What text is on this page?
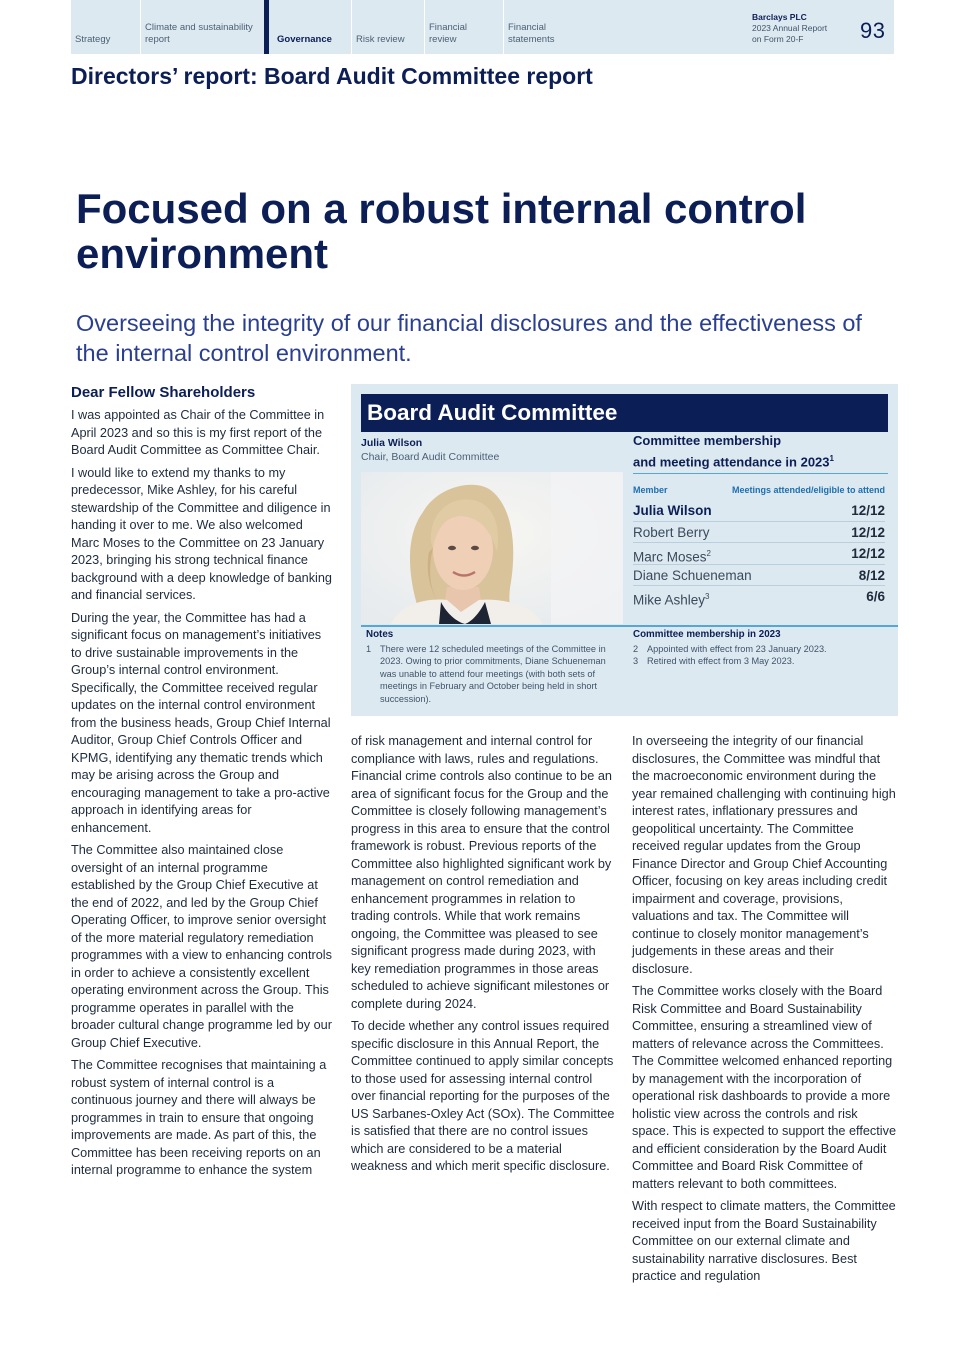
Strategy
Climate and sustainability report	Governance	Risk review
Financial review
Financial statements
Barclays PLC
2023 Annual Report
on Form 20-F	93
Directors’ report: Board Audit Committee report
Focused on a robust internal control environment

Overseeing the integrity of our financial disclosures and the effectiveness of the internal control environment.

Dear Fellow Shareholders

I was appointed as Chair of the Committee in April 2023 and so this is my first report of the Board Audit Committee as Committee Chair.

I would like to extend my thanks to my predecessor, Mike Ashley, for his careful stewardship of the Committee and diligence in handing it over to me. We also welcomed Marc Moses to the Committee on 23 January 2023, bringing his strong technical finance background with a deep knowledge of banking and financial services.

During the year, the Committee has had a significant focus on management’s initiatives to drive sustainable improvements in the Group’s internal control environment. Specifically, the Committee received regular updates on the internal control environment from the business heads, Group Chief Internal Auditor, Group Chief Controls Officer and KPMG, identifying any thematic trends which may be arising across the Group and encouraging management to take a pro-active approach in identifying areas for enhancement.

The Committee also maintained close oversight of an internal programme established by the Group Chief Executive at the end of 2022, and led by the Group Chief Operating Officer, to improve senior oversight of the more material regulatory remediation programmes with a view to enhancing controls in order to achieve a consistently excellent operating environment across the Group. This programme operates in parallel with the broader cultural change programme led by our Group Chief Executive.

The Committee recognises that maintaining a robust system of internal control is a continuous journey and there will always be programmes in train to ensure that ongoing improvements are made. As part of this, the Committee has been receiving reports on an internal programme to enhance the system

Board Audit Committee
Julia Wilson
Chair, Board Audit Committee
Committee membership
and meeting attendance in 2023$^1$
Member	Meetings attended/eligible to attend
Julia Wilson	12/12
Robert Berry	12/12
Marc Moses$^2$	12/12
Diane Schueneman	8/12
Mike Ashley$^3$	6/6
Notes
1 There were 12 scheduled meetings of the Committee in 2023. Owing to prior commitments, Diane Schueneman was unable to attend four meetings (with both sets of meetings in February and October being held in short succession).
Committee membership in 2023
2 Appointed with effect from 23 January 2023.
3 Retired with effect from 3 May 2023.

of risk management and internal control for compliance with laws, rules and regulations. Financial crime controls also continue to be an area of significant focus for the Group and the Committee is closely following management’s progress in this area to ensure that the control framework is robust. Previous reports of the Committee also highlighted significant work by management on control remediation and enhancement programmes in relation to trading controls. While that work remains ongoing, the Committee was pleased to see significant progress made during 2023, with key remediation programmes in those areas scheduled to achieve significant milestones or complete during 2024.

To decide whether any control issues required specific disclosure in this Annual Report, the Committee continued to apply similar concepts to those used for assessing internal control over financial reporting for the purposes of the US Sarbanes-Oxley Act (SOx). The Committee is satisfied that there are no control issues which are considered to be a material weakness and which merit specific disclosure.

In overseeing the integrity of our financial disclosures, the Committee was mindful that the macroeconomic environment during the year remained challenging with continuing high interest rates, inflationary pressures and geopolitical uncertainty. The Committee received regular updates from the Group Finance Director and Group Chief Accounting Officer, focusing on key areas including credit impairment and coverage, provisions, valuations and tax. The Committee will continue to closely monitor management’s judgements in these areas and their disclosure.

The Committee works closely with the Board Risk Committee and Board Sustainability Committee, ensuring a streamlined view of matters of relevance across the Committees. The Committee welcomed enhanced reporting by management with the incorporation of operational risk dashboards to provide a more holistic view across the controls and risk space. This is expected to support the effective and efficient consideration by the Board Audit Committee and Board Risk Committee of matters relevant to both committees.

With respect to climate matters, the Committee received input from the Board Sustainability Committee on our external climate and sustainability narrative disclosures. Best practice and regulation
